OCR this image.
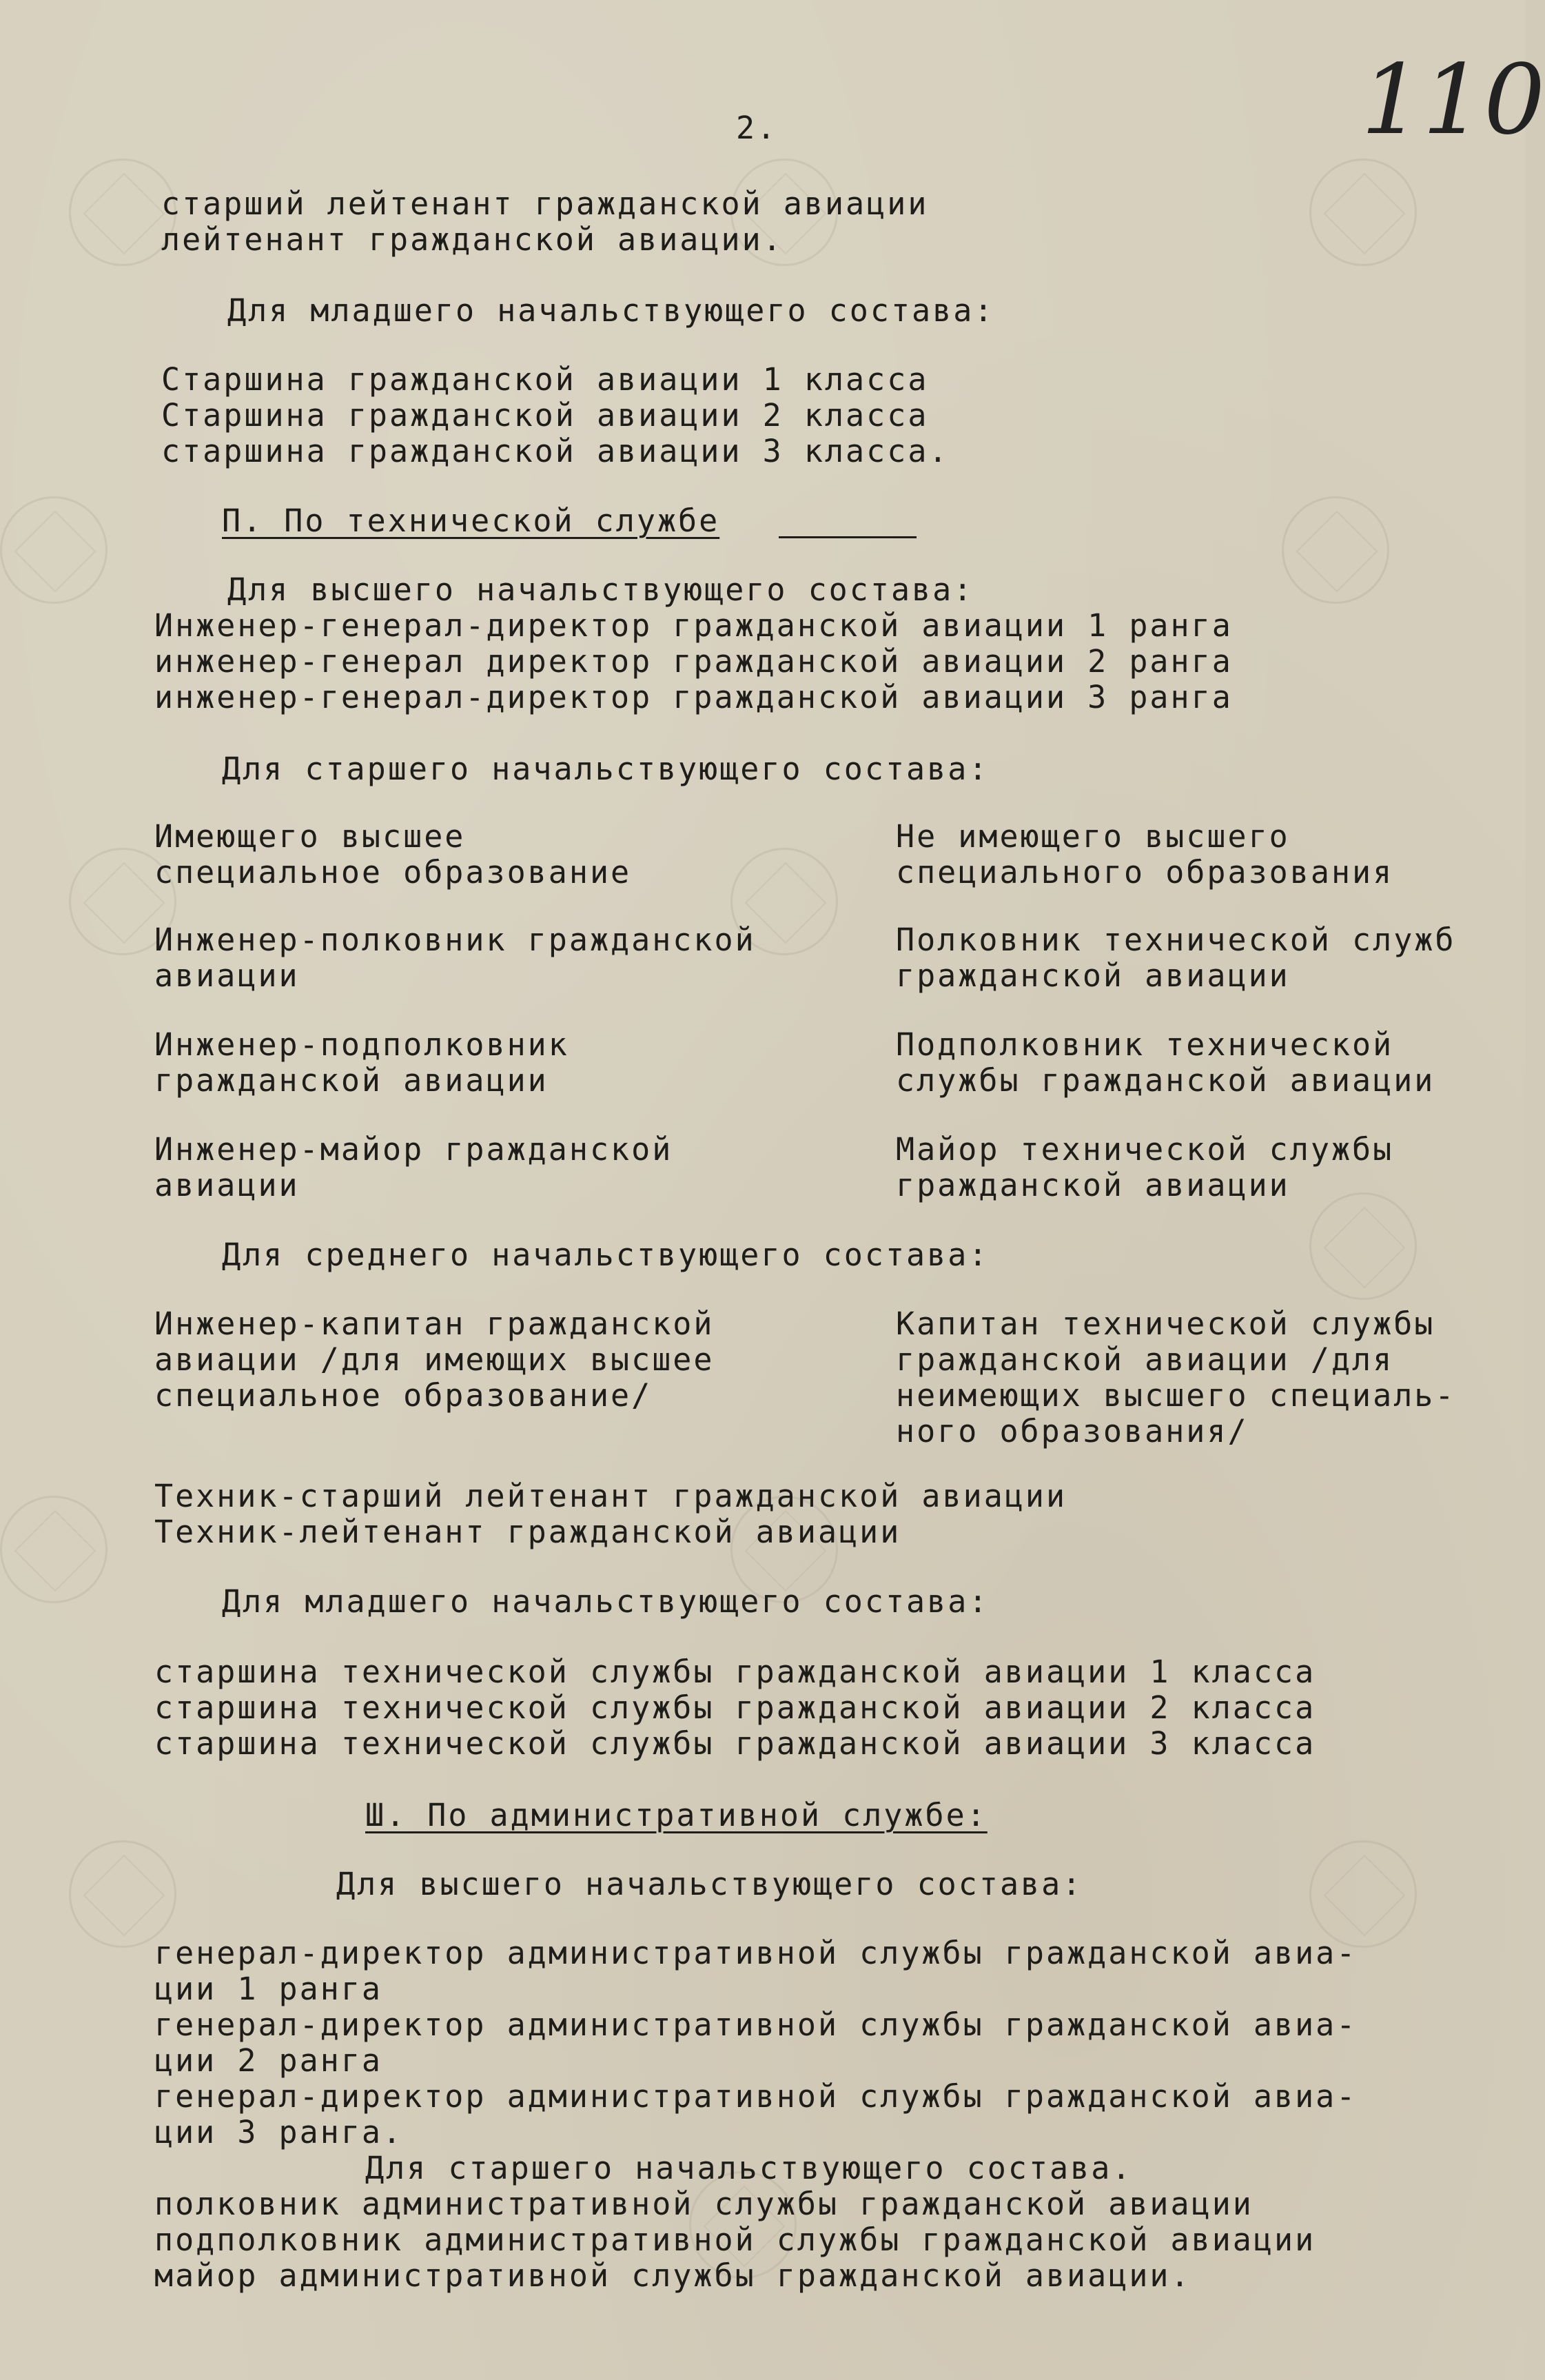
2.	110
старший лейтенант гражданской авиации
лейтенант гражданской авиации.
Для младшего начальствующего состава:
Старшина гражданской авиации 1 класса
Старшина гражданской авиации 2 класса
старшина гражданской авиации 3 класса.
П. По технической службе
Для высшего начальствующего состава:
Инженер-генерал-директор гражданской авиации 1 ранга
инженер-генерал директор гражданской авиации 2 ранга
инженер-генерал-директор гражданской авиации 3 ранга
Для старшего начальствующего состава:
Имеющего высшее
специальное образование
Не имеющего высшего
специального образования
Инженер-полковник гражданской
авиации
Полковник технической служб
гражданской авиации
Инженер-подполковник
гражданской авиации
Подполковник технической
службы гражданской авиации
Инженер-майор гражданской
авиации
Майор технической службы
гражданской авиации
Для среднего начальствующего состава:
Инженер-капитан гражданской
авиации /для имеющих высшее
специальное образование/
Капитан технической службы
гражданской авиации /для
неимеющих высшего специаль-
ного образования/
Техник-старший лейтенант гражданской авиации
Техник-лейтенант гражданской авиации
Для младшего начальствующего состава:
старшина технической службы гражданской авиации 1 класса
старшина технической службы гражданской авиации 2 класса
старшина технической службы гражданской авиации 3 класса
Ш. По административной службе:
Для высшего начальствующего состава:
генерал-директор административной службы гражданской авиа-
ции 1 ранга
генерал-директор административной службы гражданской авиа-
ции 2 ранга
генерал-директор административной службы гражданской авиа-
ции 3 ранга.
Для старшего начальствующего состава.
полковник административной службы гражданской авиации
подполковник административной службы гражданской авиации
майор административной службы гражданской авиации.
